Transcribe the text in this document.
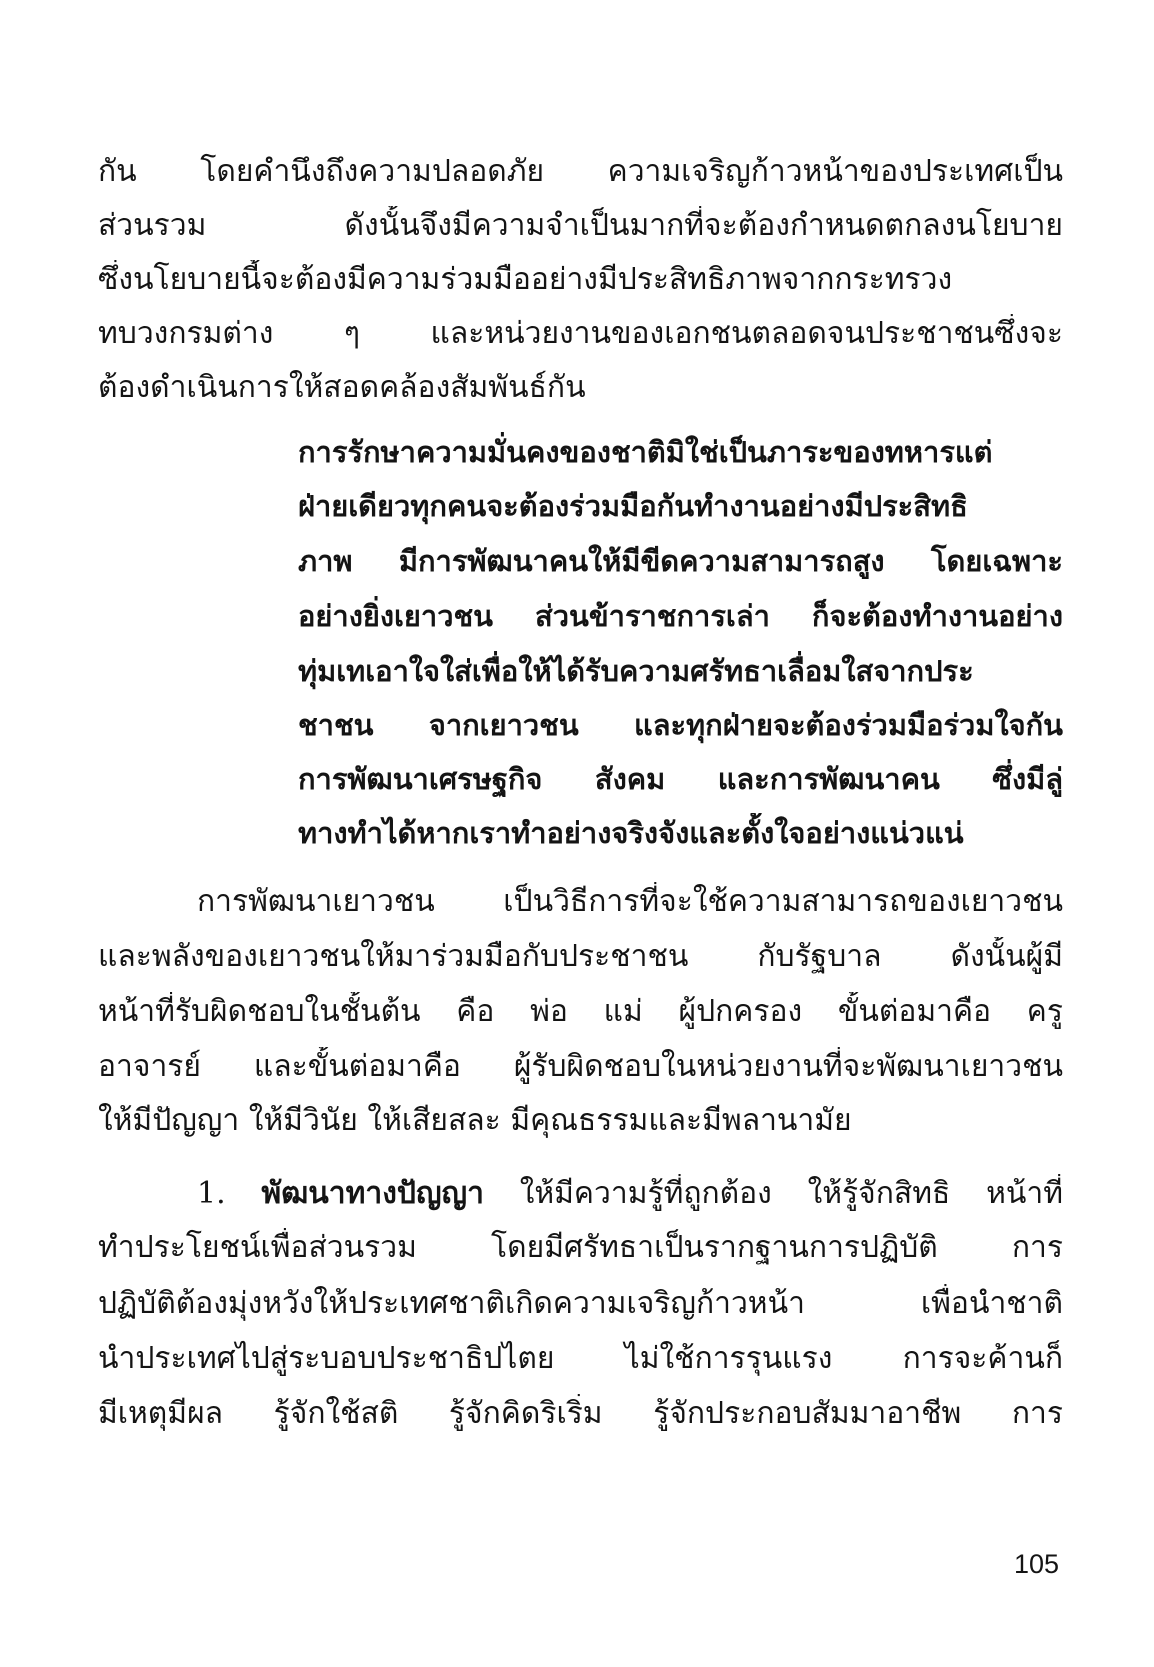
กัน โดยคำนึงถึงความปลอดภัย ความเจริญก้าวหน้าของประเทศเป็น
ส่วนรวม ดังนั้นจึงมีความจำเป็นมากที่จะต้องกำหนดตกลงนโยบาย
ซึ่งนโยบายนี้จะต้องมีความร่วมมืออย่างมีประสิทธิภาพจากกระทรวง
ทบวงกรมต่าง ๆ และหน่วยงานของเอกชนตลอดจนประชาชนซึ่งจะ
ต้องดำเนินการให้สอดคล้องสัมพันธ์กัน
การรักษาความมั่นคงของชาติมิใช่เป็นภาระของทหารแต่
ฝ่ายเดียวทุกคนจะต้องร่วมมือกันทำงานอย่างมีประสิทธิ
ภาพ มีการพัฒนาคนให้มีขีดความสามารถสูง โดยเฉพาะ
อย่างยิ่งเยาวชน ส่วนข้าราชการเล่า ก็จะต้องทำงานอย่าง
ทุ่มเทเอาใจใส่เพื่อให้ได้รับความศรัทธาเลื่อมใสจากประ
ชาชน จากเยาวชน และทุกฝ่ายจะต้องร่วมมือร่วมใจกัน
การพัฒนาเศรษฐกิจ สังคม และการพัฒนาคน ซึ่งมีลู่
ทางทำได้หากเราทำอย่างจริงจังและตั้งใจอย่างแน่วแน่
การพัฒนาเยาวชน เป็นวิธีการที่จะใช้ความสามารถของเยาวชน
และพลังของเยาวชนให้มาร่วมมือกับประชาชน กับรัฐบาล ดังนั้นผู้มี
หน้าที่รับผิดชอบในชั้นต้น คือ พ่อ แม่ ผู้ปกครอง ขั้นต่อมาคือ ครู
อาจารย์ และขั้นต่อมาคือ ผู้รับผิดชอบในหน่วยงานที่จะพัฒนาเยาวชน
ให้มีปัญญา ให้มีวินัย ให้เสียสละ มีคุณธรรมและมีพลานามัย
1. พัฒนาทางปัญญา ให้มีความรู้ที่ถูกต้อง ให้รู้จักสิทธิ หน้าที่
ทำประโยชน์เพื่อส่วนรวม โดยมีศรัทธาเป็นรากฐานการปฏิบัติ การ
ปฏิบัติต้องมุ่งหวังให้ประเทศชาติเกิดความเจริญก้าวหน้า เพื่อนำชาติ
นำประเทศไปสู่ระบอบประชาธิปไตย ไม่ใช้การรุนแรง การจะค้านก็
มีเหตุมีผล รู้จักใช้สติ รู้จักคิดริเริ่ม รู้จักประกอบสัมมาอาชีพ การ
105
